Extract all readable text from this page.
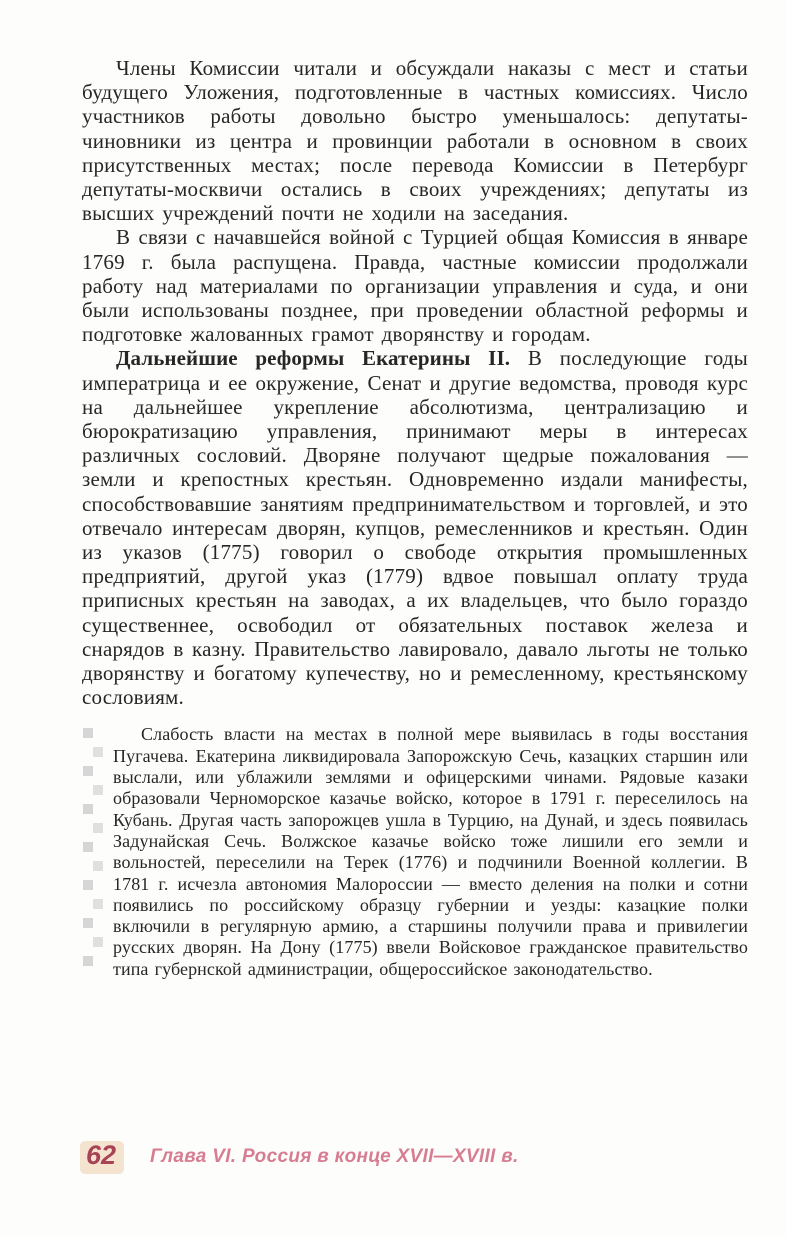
Члены Комиссии читали и обсуждали наказы с мест и статьи будущего Уложения, подготовленные в частных комиссиях. Число участников работы довольно быстро уменьшалось: депутаты-чиновники из центра и провинции работали в основном в своих присутственных местах; после перевода Комиссии в Петербург депутаты-москвичи остались в своих учреждениях; депутаты из высших учреждений почти не ходили на заседания.

В связи с начавшейся войной с Турцией общая Комиссия в январе 1769 г. была распущена. Правда, частные комиссии продолжали работу над материалами по организации управления и суда, и они были использованы позднее, при проведении областной реформы и подготовке жалованных грамот дворянству и городам.

Дальнейшие реформы Екатерины II. В последующие годы императрица и ее окружение, Сенат и другие ведомства, проводя курс на дальнейшее укрепление абсолютизма, централизацию и бюрократизацию управления, принимают меры в интересах различных сословий. Дворяне получают щедрые пожалования — земли и крепостных крестьян. Одновременно издали манифесты, способствовавшие занятиям предпринимательством и торговлей, и это отвечало интересам дворян, купцов, ремесленников и крестьян. Один из указов (1775) говорил о свободе открытия промышленных предприятий, другой указ (1779) вдвое повышал оплату труда приписных крестьян на заводах, а их владельцев, что было гораздо существеннее, освободил от обязательных поставок железа и снарядов в казну. Правительство лавировало, давало льготы не только дворянству и богатому купечеству, но и ремесленному, крестьянскому сословиям.

Слабость власти на местах в полной мере выявилась в годы восстания Пугачева. Екатерина ликвидировала Запорожскую Сечь, казацких старшин или выслали, или ублажили землями и офицерскими чинами. Рядовые казаки образовали Черноморское казачье войско, которое в 1791 г. переселилось на Кубань. Другая часть запорожцев ушла в Турцию, на Дунай, и здесь появилась Задунайская Сечь. Волжское казачье войско тоже лишили его земли и вольностей, переселили на Терек (1776) и подчинили Военной коллегии. В 1781 г. исчезла автономия Малороссии — вместо деления на полки и сотни появились по российскому образцу губернии и уезды: казацкие полки включили в регулярную армию, а старшины получили права и привилегии русских дворян. На Дону (1775) ввели Войсковое гражданское правительство типа губернской администрации, общероссийское законодательство.

62	Глава VI. Россия в конце XVII—XVIII в.
